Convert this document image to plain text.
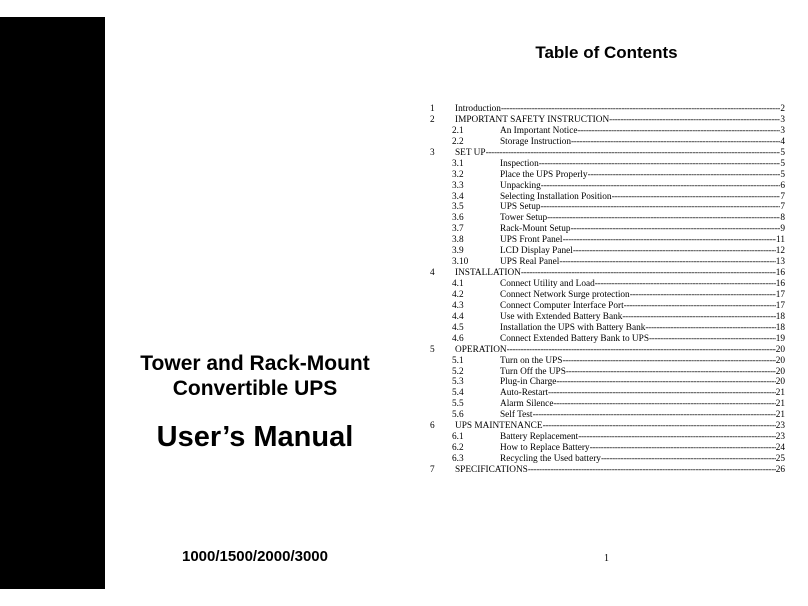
Tower and Rack-Mount
Convertible UPS
User’s Manual
1000/1500/2000/3000
Table of Contents
1 Introduction -----	2
2 IMPORTANT SAFETY INSTRUCTION -----	3
2.1	An Important Notice -----	3
2.2	Storage Instruction -----	4
3 SET UP -----	5
3.1	Inspection -----	5
3.2	Place the UPS Properly -----	5
3.3	Unpacking -----	6
3.4	Selecting Installation Position -----	7
3.5	UPS Setup -----	7
3.6	Tower Setup -----	8
3.7	Rack-Mount Setup -----	9
3.8	UPS Front Panel -----	11
3.9	LCD Display Panel -----	12
3.10	UPS Real Panel -----	13
4 INSTALLATION -----	16
4.1	Connect Utility and Load -----	16
4.2	Connect Network Surge protection -----	17
4.3	Connect Computer Interface Port -----	17
4.4	Use with Extended Battery Bank -----	18
4.5	Installation the UPS with Battery Bank -----	18
4.6	Connect Extended Battery Bank to UPS -----	19
5 OPERATION -----	20
5.1	Turn on the UPS -----	20
5.2	Turn Off the UPS -----	20
5.3	Plug-in Charge -----	20
5.4	Auto-Restart -----	21
5.5	Alarm Silence -----	21
5.6	Self Test -----	21
6 UPS MAINTENANCE -----	23
6.1	Battery Replacement -----	23
6.2	How to Replace Battery -----	24
6.3	Recycling the Used battery -----	25
7 SPECIFICATIONS -----	26
1
